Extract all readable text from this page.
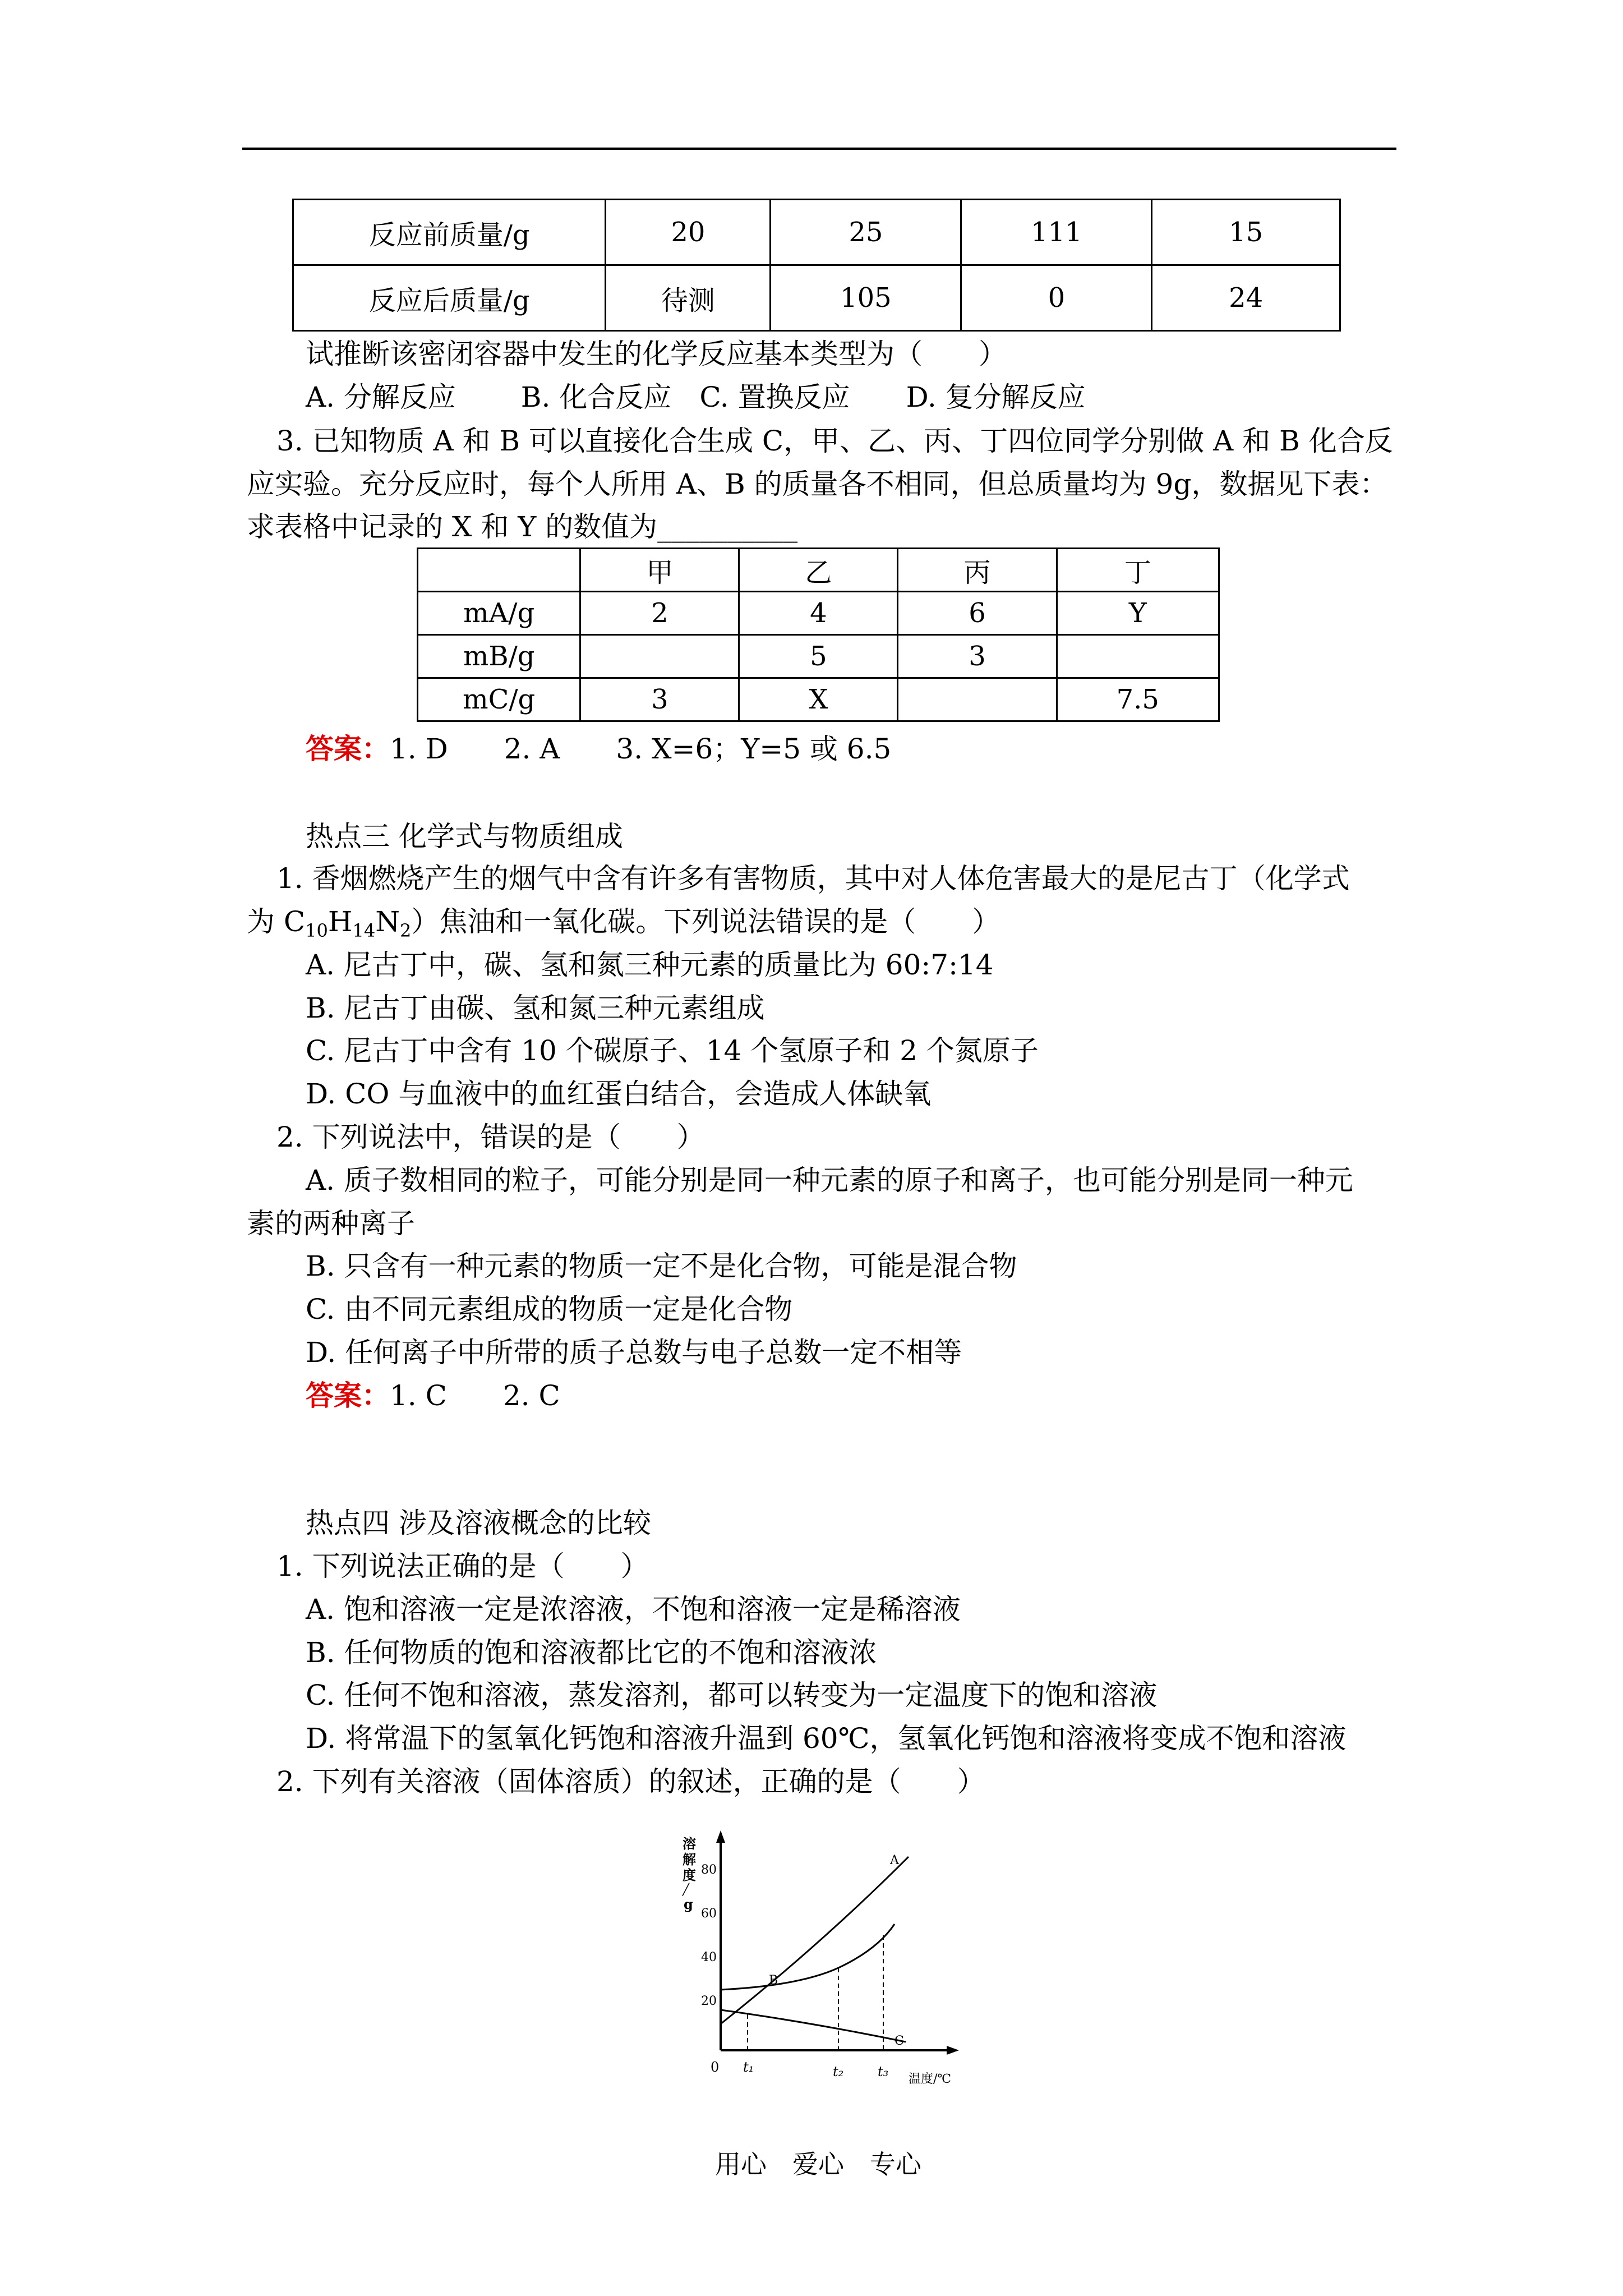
反应前质量/g	20	25	111	15
反应后质量/g	待测	105	0	24
试推断该密闭容器中发生的化学反应基本类型为（　　）
A. 分解反应　　 B. 化合反应　C. 置换反应　　D. 复分解反应
3. 已知物质 A 和 B 可以直接化合生成 C，甲、乙、丙、丁四位同学分别做 A 和 B 化合反
应实验。充分反应时，每个人所用 A、B 的质量各不相同，但总质量均为 9g，数据见下表：
求表格中记录的 X 和 Y 的数值为__________
	甲	乙	丙	丁
mA/g	2	4	6	Y
mB/g		5	3	
mC/g	3	X		7.5
答案：1. D　　2. A　　3. X=6；Y=5 或 6.5
热点三 化学式与物质组成
1. 香烟燃烧产生的烟气中含有许多有害物质，其中对人体危害最大的是尼古丁（化学式
为 $C_{10}H_{14}N_2$）焦油和一氧化碳。下列说法错误的是（　　）
A. 尼古丁中，碳、氢和氮三种元素的质量比为 60:7:14
B. 尼古丁由碳、氢和氮三种元素组成
C. 尼古丁中含有 10 个碳原子、14 个氢原子和 2 个氮原子
D. CO 与血液中的血红蛋白结合，会造成人体缺氧
2. 下列说法中，错误的是（　　）
A. 质子数相同的粒子，可能分别是同一种元素的原子和离子，也可能分别是同一种元
素的两种离子
B. 只含有一种元素的物质一定不是化合物，可能是混合物
C. 由不同元素组成的物质一定是化合物
D. 任何离子中所带的质子总数与电子总数一定不相等
答案：1. C　　2. C
热点四 涉及溶液概念的比较
1. 下列说法正确的是（　　）
A. 饱和溶液一定是浓溶液，不饱和溶液一定是稀溶液
B. 任何物质的饱和溶液都比它的不饱和溶液浓
C. 任何不饱和溶液，蒸发溶剂，都可以转变为一定温度下的饱和溶液
D. 将常温下的氢氧化钙饱和溶液升温到 60℃，氢氧化钙饱和溶液将变成不饱和溶液
2. 下列有关溶液（固体溶质）的叙述，正确的是（　　）
溶
解
度
╱
g
20
40
60
80
A
B
C
0 t₁	t₂	t₃ 温度/℃
用心　爱心　专心
